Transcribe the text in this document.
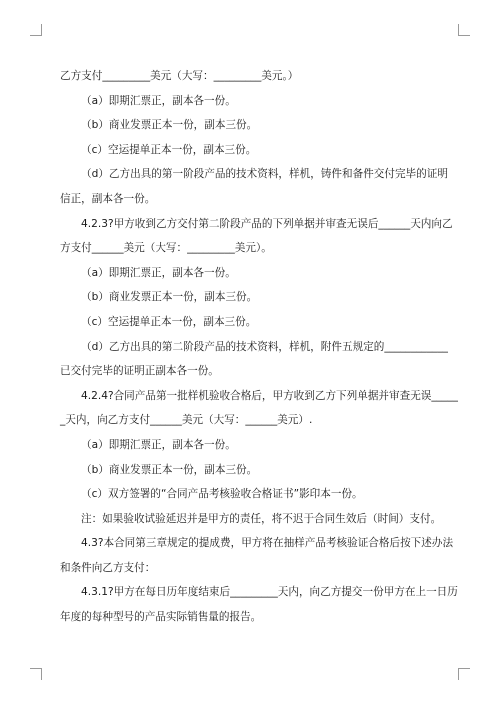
乙方支付_________美元（大写：_________美元。）
（a）即期汇票正，副本各一份。
（b）商业发票正本一份，副本三份。
（c）空运提单正本一份，副本三份。
（d）乙方出具的第一阶段产品的技术资料，样机，铸件和备件交付完毕的证明
信正，副本各一份。
4.2.3?甲方收到乙方交付第二阶段产品的下列单据并审查无误后______天内向乙
方支付______美元（大写：_________美元）。
（a）即期汇票正，副本各一份。
（b）商业发票正本一份，副本三份。
（c）空运提单正本一份，副本三份。
（d）乙方出具的第二阶段产品的技术资料，样机，附件五规定的____________
已交付完毕的证明正副本各一份。
4.2.4?合同产品第一批样机验收合格后，甲方收到乙方下列单据并审查无误_____
_天内，向乙方支付______美元（大写：______美元）.
（a）即期汇票正，副本各一份。
（b）商业发票正本一份，副本三份。
（c）双方签署的“合同产品考核验收合格证书”影印本一份。
注：如果验收试验延迟并是甲方的责任，将不迟于合同生效后（时间）支付。
4.3?本合同第三章规定的提成费，甲方将在抽样产品考核验证合格后按下述办法
和条件向乙方支付：
4.3.1?甲方在每日历年度结束后_________天内，向乙方提交一份甲方在上一日历
年度的每种型号的产品实际销售量的报告。
